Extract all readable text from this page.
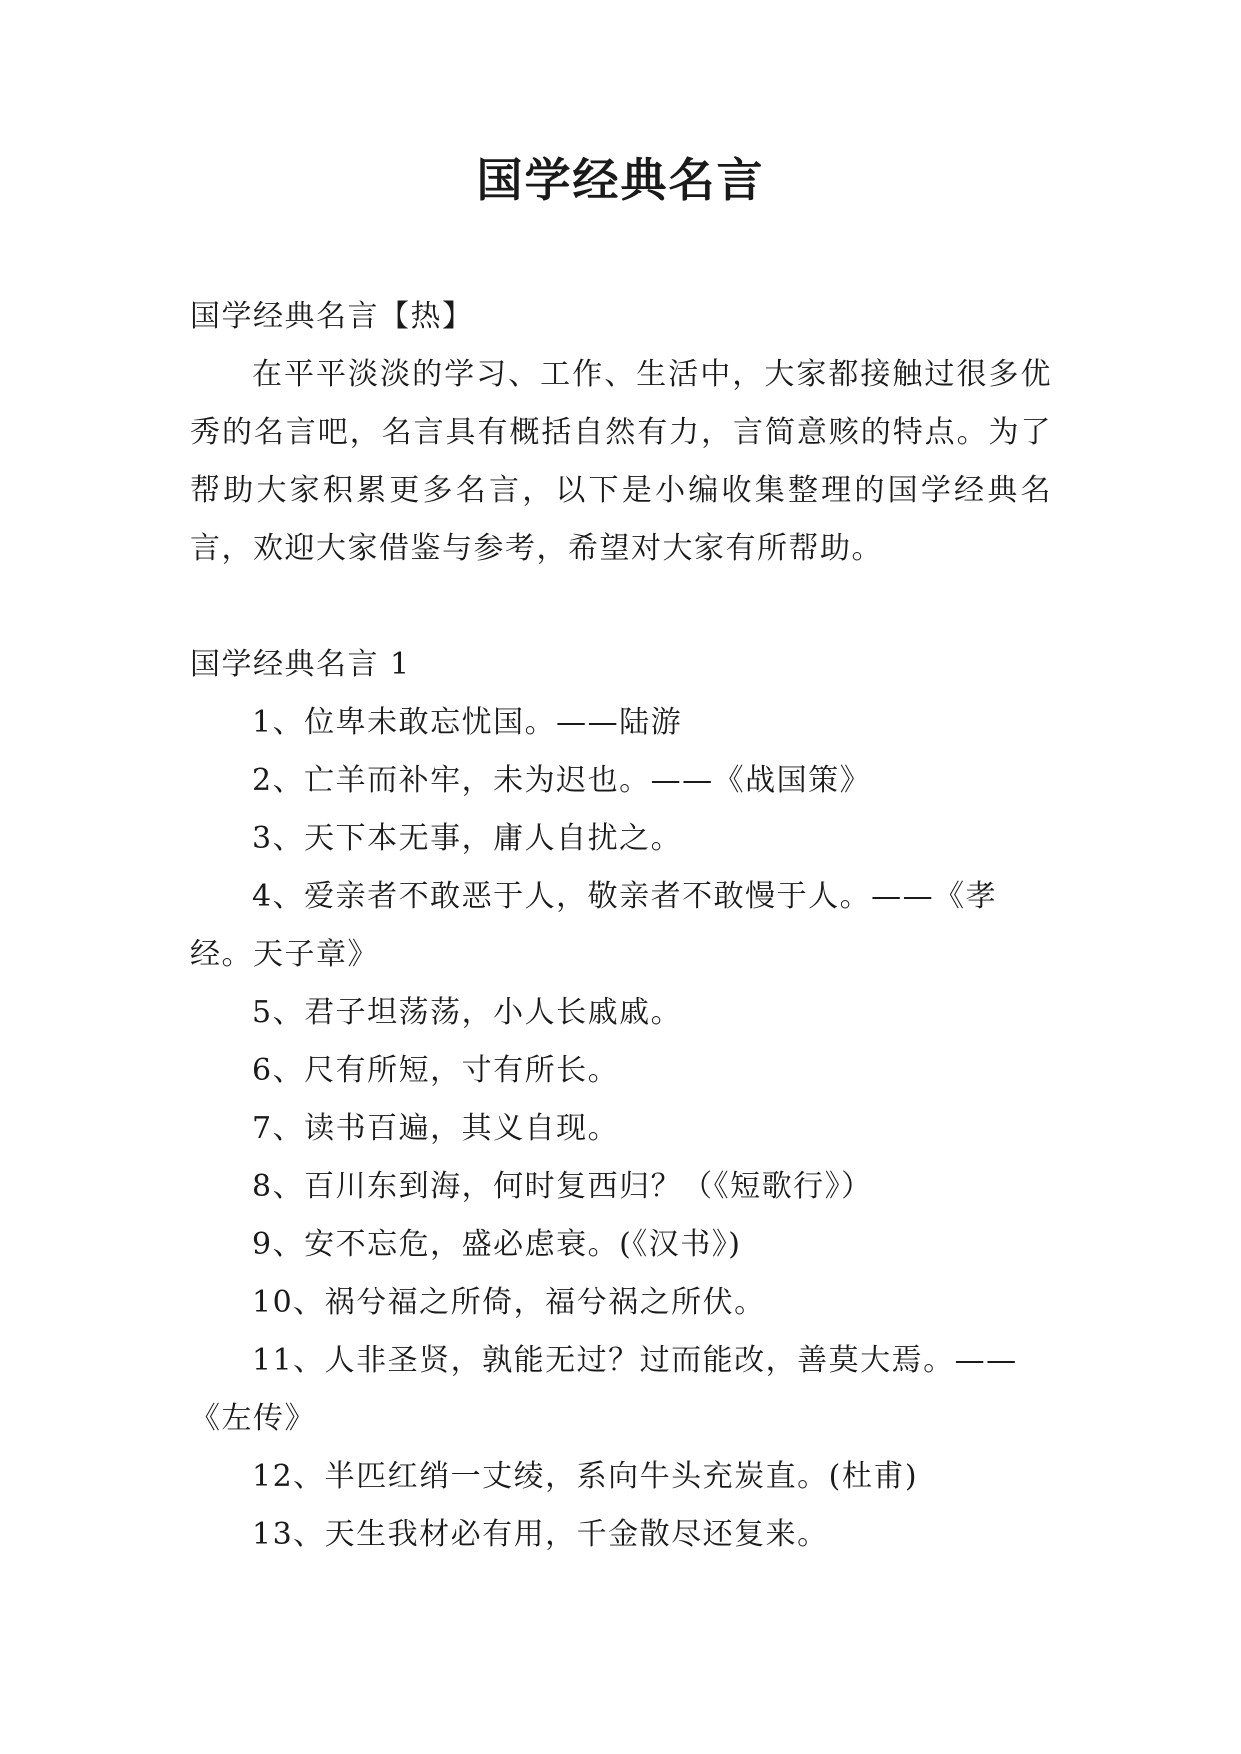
国学经典名言

国学经典名言【热】

在平平淡淡的学习、工作、生活中，大家都接触过很多优秀的名言吧，名言具有概括自然有力，言简意赅的特点。为了帮助大家积累更多名言，以下是小编收集整理的国学经典名言，欢迎大家借鉴与参考，希望对大家有所帮助。

国学经典名言 1

1、位卑未敢忘忧国。——陆游

2、亡羊而补牢，未为迟也。——《战国策》

3、天下本无事，庸人自扰之。

4、爱亲者不敢恶于人，敬亲者不敢慢于人。——《孝经。天子章》

5、君子坦荡荡，小人长戚戚。

6、尺有所短，寸有所长。

7、读书百遍，其义自现。

8、百川东到海，何时复西归？（《短歌行》）

9、安不忘危，盛必虑衰。(《汉书》)

10、祸兮福之所倚，福兮祸之所伏。

11、人非圣贤，孰能无过？过而能改，善莫大焉。——《左传》

12、半匹红绡一丈绫，系向牛头充炭直。(杜甫)

13、天生我材必有用，千金散尽还复来。
